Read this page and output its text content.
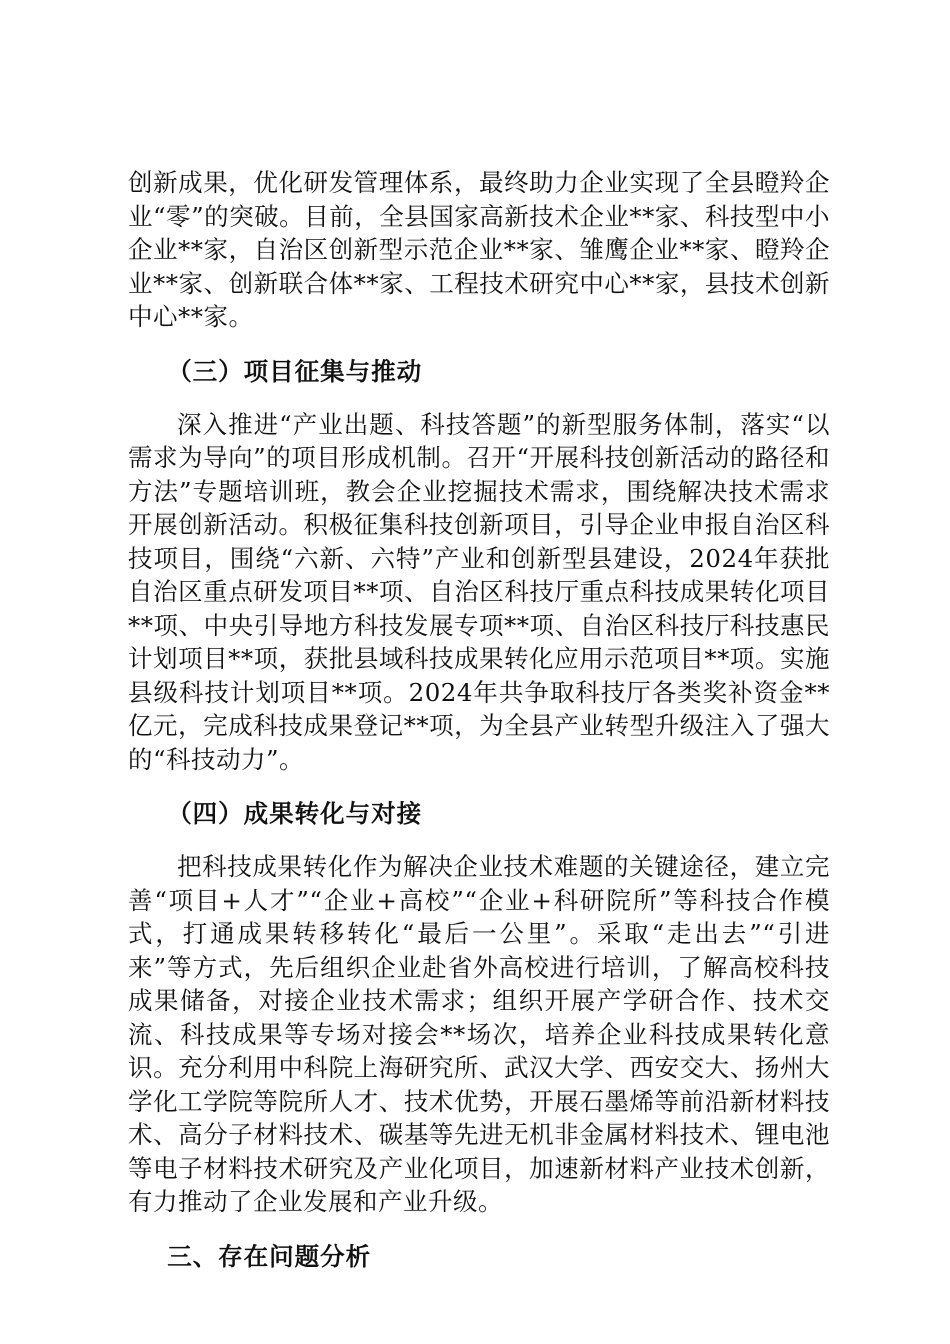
创新成果，优化研发管理体系，最终助力企业实现了全县瞪羚企业“零”的突破。目前，全县国家高新技术企业**家、科技型中小企业**家，自治区创新型示范企业**家、雏鹰企业**家、瞪羚企业**家、创新联合体**家、工程技术研究中心**家，县技术创新中心**家。

（三）项目征集与推动

深入推进“产业出题、科技答题”的新型服务体制，落实“以需求为导向”的项目形成机制。召开“开展科技创新活动的路径和方法”专题培训班，教会企业挖掘技术需求，围绕解决技术需求开展创新活动。积极征集科技创新项目，引导企业申报自治区科技项目，围绕“六新、六特”产业和创新型县建设，2024年获批自治区重点研发项目**项、自治区科技厅重点科技成果转化项目**项、中央引导地方科技发展专项**项、自治区科技厅科技惠民计划项目**项，获批县域科技成果转化应用示范项目**项。实施县级科技计划项目**项。2024年共争取科技厅各类奖补资金**亿元，完成科技成果登记**项，为全县产业转型升级注入了强大的“科技动力”。

（四）成果转化与对接

把科技成果转化作为解决企业技术难题的关键途径，建立完善“项目+人才”“企业+高校”“企业+科研院所”等科技合作模式，打通成果转移转化“最后一公里”。采取“走出去”“引进来”等方式，先后组织企业赴省外高校进行培训，了解高校科技成果储备，对接企业技术需求；组织开展产学研合作、技术交流、科技成果等专场对接会**场次，培养企业科技成果转化意识。充分利用中科院上海研究所、武汉大学、西安交大、扬州大学化工学院等院所人才、技术优势，开展石墨烯等前沿新材料技术、高分子材料技术、碳基等先进无机非金属材料技术、锂电池等电子材料技术研究及产业化项目，加速新材料产业技术创新，有力推动了企业发展和产业升级。

三、存在问题分析
